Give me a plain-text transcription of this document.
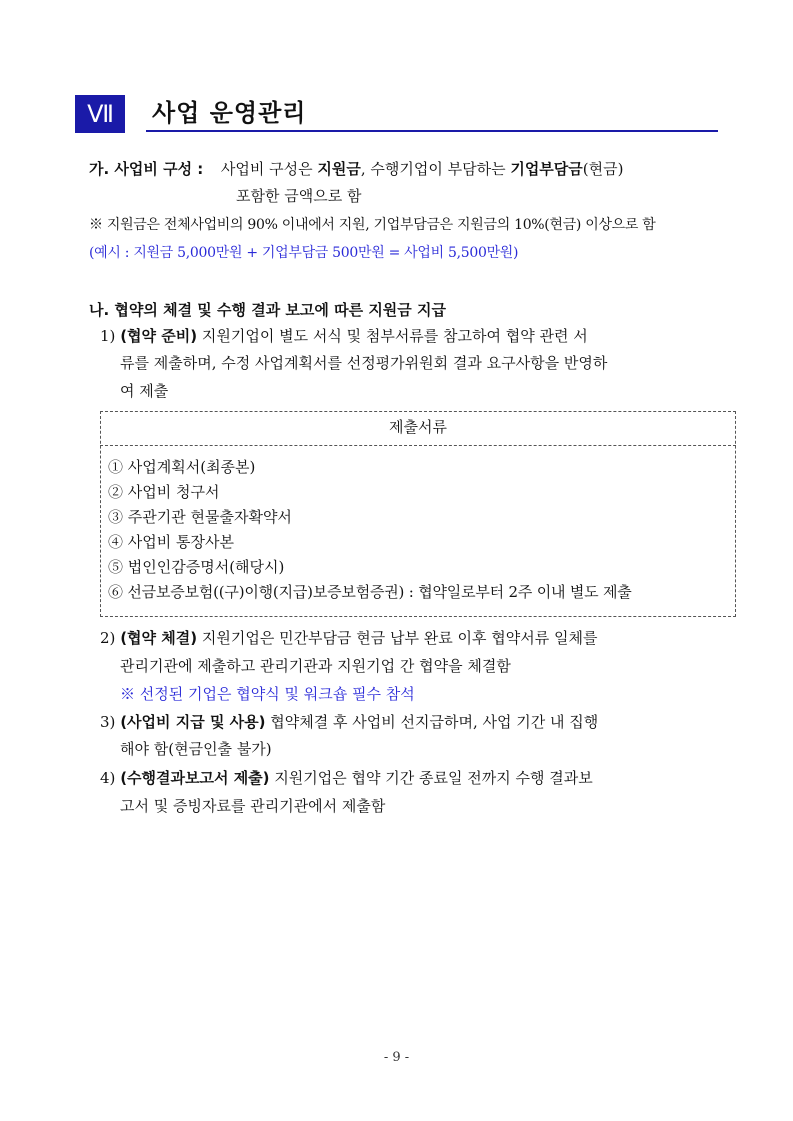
Ⅶ	사업 운영관리
가. 사업비 구성 : 사업비 구성은 지원금, 수행기업이 부담하는 기업부담금(현금)
포함한 금액으로 함
※ 지원금은 전체사업비의 90% 이내에서 지원, 기업부담금은 지원금의 10%(현금) 이상으로 함
(예시 : 지원금 5,000만원 + 기업부담금 500만원 = 사업비 5,500만원)
나. 협약의 체결 및 수행 결과 보고에 따른 지원금 지급
1) (협약 준비) 지원기업이 별도 서식 및 첨부서류를 참고하여 협약 관련 서
류를 제출하며, 수정 사업계획서를 선정평가위원회 결과 요구사항을 반영하
여 제출
제출서류
① 사업계획서(최종본)
② 사업비 청구서
③ 주관기관 현물출자확약서
④ 사업비 통장사본
⑤ 법인인감증명서(해당시)
⑥ 선금보증보험((구)이행(지급)보증보험증권) : 협약일로부터 2주 이내 별도 제출
2) (협약 체결) 지원기업은 민간부담금 현금 납부 완료 이후 협약서류 일체를
관리기관에 제출하고 관리기관과 지원기업 간 협약을 체결함
※ 선정된 기업은 협약식 및 워크숍 필수 참석
3) (사업비 지급 및 사용) 협약체결 후 사업비 선지급하며, 사업 기간 내 집행
해야 함(현금인출 불가)
4) (수행결과보고서 제출) 지원기업은 협약 기간 종료일 전까지 수행 결과보
고서 및 증빙자료를 관리기관에서 제출함
- 9 -
